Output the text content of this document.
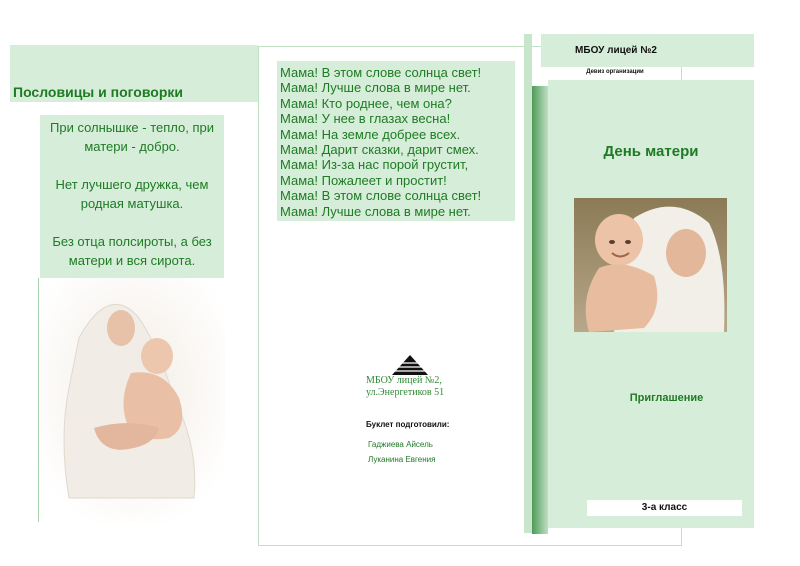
Пословицы и поговорки

При солнышке - тепло, при матери - добро.

Нет лучшего дружка, чем родная матушка.

Без отца полсироты, а без матери и вся сирота.

Мама! В этом слове солнца свет!
Мама! Лучше слова в мире нет.
Мама! Кто роднее, чем она?
Мама! У нее в глазах весна!
Мама! На земле добрее всех.
Мама! Дарит сказки, дарит смех.
Мама! Из-за нас порой грустит,
Мама! Пожалеет и простит!
Мама! В этом слове солнца свет!
Мама! Лучше слова в мире нет.
МБОУ лицей №2,
ул.Энергетиков 51
Буклет подготовили:
Гаджиева Айсель
Луканина Евгения
МБОУ лицей №2
Девиз организации
День матери
Приглашение
3-а класс
